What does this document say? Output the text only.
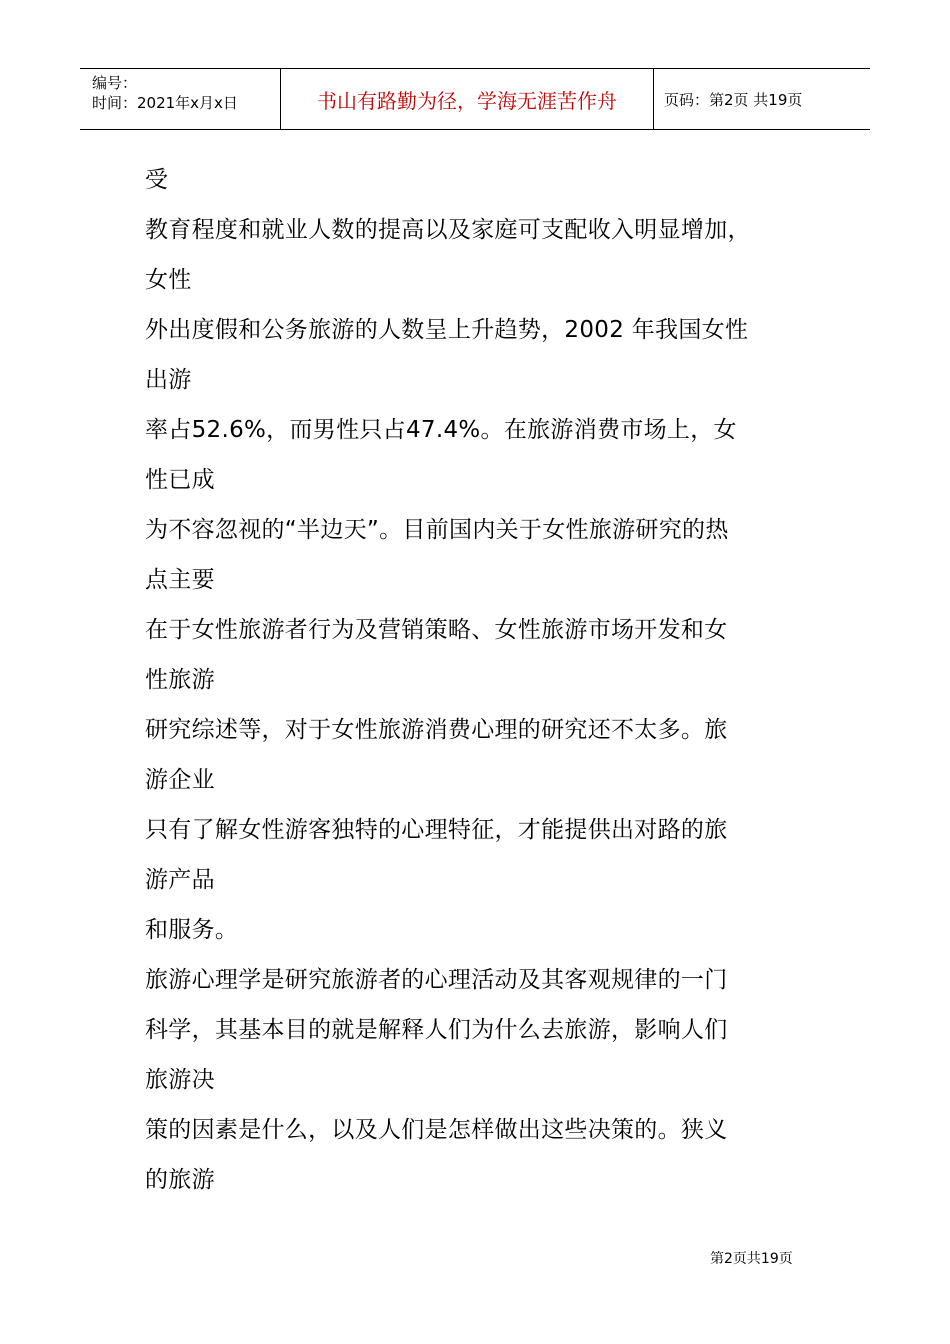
编号：
时间：2021年x月x日	书山有路勤为径，学海无涯苦作舟	页码：第2页 共19页
受
教育程度和就业人数的提高以及家庭可支配收入明显增加，
女性
外出度假和公务旅游的人数呈上升趋势，2002 年我国女性
出游
率占52.6%，而男性只占47.4%。在旅游消费市场上，女
性已成
为不容忽视的“半边天”。目前国内关于女性旅游研究的热
点主要
在于女性旅游者行为及营销策略、女性旅游市场开发和女
性旅游
研究综述等，对于女性旅游消费心理的研究还不太多。旅
游企业
只有了解女性游客独特的心理特征，才能提供出对路的旅
游产品
和服务。
旅游心理学是研究旅游者的心理活动及其客观规律的一门
科学，其基本目的就是解释人们为什么去旅游，影响人们
旅游决
策的因素是什么，以及人们是怎样做出这些决策的。狭义
的旅游
第2页共19页
